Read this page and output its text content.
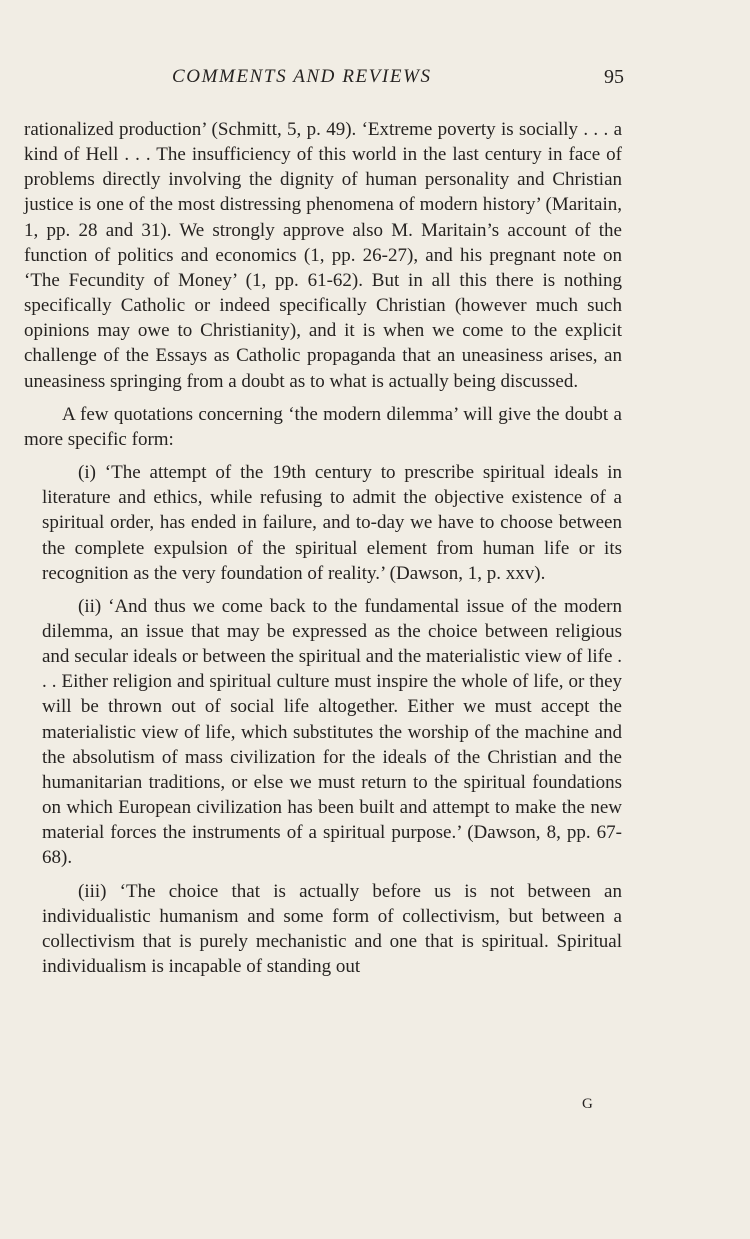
COMMENTS AND REVIEWS	95

rationalized production’ (Schmitt, 5, p. 49). ‘Extreme poverty is socially . . . a kind of Hell . . . The insufficiency of this world in the last century in face of problems directly involving the dignity of human personality and Christian justice is one of the most distressing phenomena of modern history’ (Maritain, 1, pp. 28 and 31). We strongly approve also M. Maritain’s account of the function of politics and economics (1, pp. 26-27), and his pregnant note on ‘The Fecundity of Money’ (1, pp. 61-62). But in all this there is nothing specifically Catholic or indeed specifically Christian (however much such opinions may owe to Christianity), and it is when we come to the explicit challenge of the Essays as Catholic propaganda that an uneasiness arises, an uneasiness springing from a doubt as to what is actually being discussed.

A few quotations concerning ‘the modern dilemma’ will give the doubt a more specific form:

(i) ‘The attempt of the 19th century to prescribe spiritual ideals in literature and ethics, while refusing to admit the objective existence of a spiritual order, has ended in failure, and to-day we have to choose between the complete expulsion of the spiritual element from human life or its recognition as the very foundation of reality.’ (Dawson, 1, p. xxv).

(ii) ‘And thus we come back to the fundamental issue of the modern dilemma, an issue that may be expressed as the choice between religious and secular ideals or between the spiritual and the materialistic view of life . . . Either religion and spiritual culture must inspire the whole of life, or they will be thrown out of social life altogether. Either we must accept the materialistic view of life, which substitutes the worship of the machine and the absolutism of mass civilization for the ideals of the Christian and the humanitarian traditions, or else we must return to the spiritual foundations on which European civilization has been built and attempt to make the new material forces the instruments of a spiritual purpose.’ (Dawson, 8, pp. 67-68).

(iii) ‘The choice that is actually before us is not between an individualistic humanism and some form of collectivism, but between a collectivism that is purely mechanistic and one that is spiritual. Spiritual individualism is incapable of standing out

G
